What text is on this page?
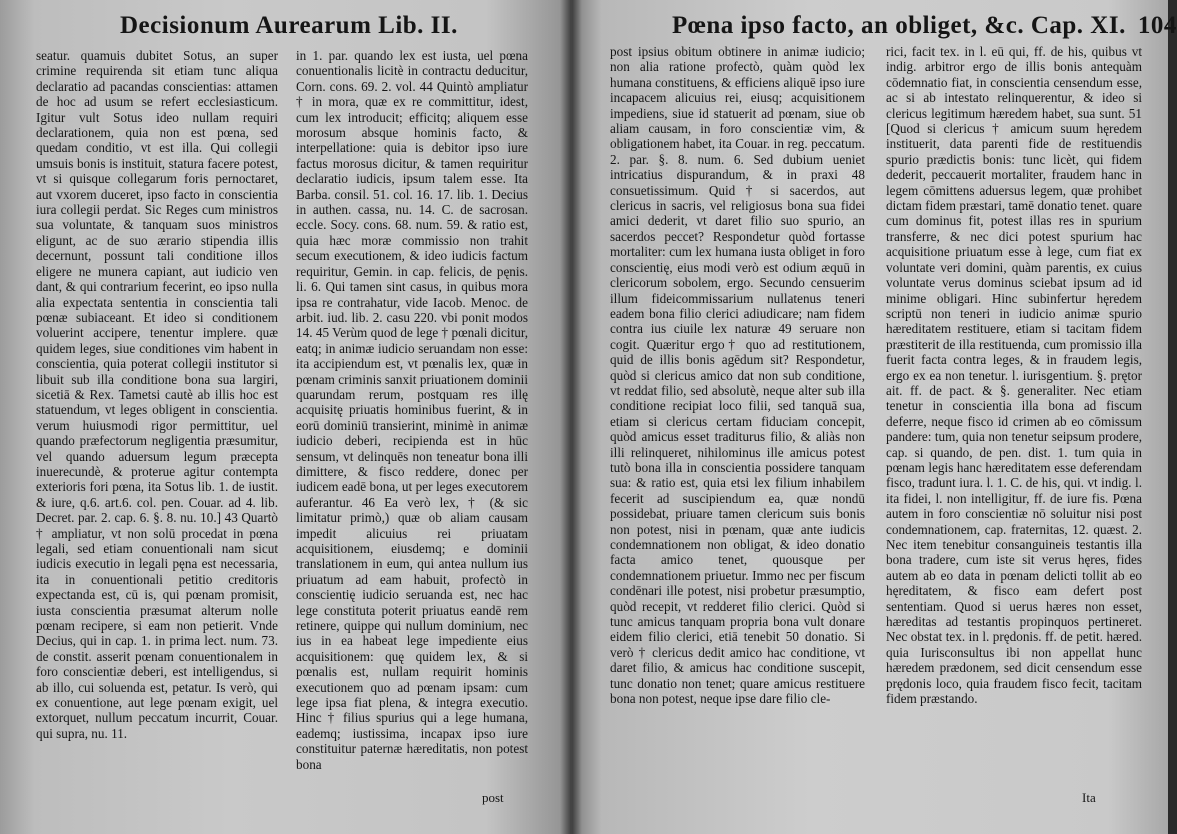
Decisionum Aurearum Lib. II.

seatur. quamuis dubitet Sotus, an super crimine requirenda sit etiam tunc aliqua declaratio ad pacandas conscientias: attamen de hoc ad usum se refert ecclesiasticum. Igitur vult Sotus ideo nullam requiri declarationem, quia non est pœna, sed quedam conditio, vt est illa. Qui collegii umsuis bonis is instituit, statura facere potest, vt si quisque collegarum foris pernoctaret, aut vxorem duceret, ipso facto in conscientia iura collegii perdat. Sic Reges cum ministros sua voluntate, & tanquam suos ministros eligunt, ac de suo ærario stipendia illis decernunt, possunt tali conditione illos eligere ne munera capiant, aut iudicio ven dant, & qui contrarium fecerint, eo ipso nulla alia expectata sententia in conscientia tali pœnæ subiaceant. Et ideo si conditionem voluerint accipere, tenentur implere. quæ quidem leges, siue conditiones vim habent in conscientia, quia poterat collegii institutor si libuit sub illa conditione bona sua largiri, sicetiā & Rex. Tametsi cautè ab illis hoc est statuendum, vt leges obligent in conscientia. verum huiusmodi rigor permittitur, uel quando præfectorum negligentia præsumitur, vel quando aduersum legum præcepta inuerecundè, & proterue agitur contempta exterioris fori pœna, ita Sotus lib. 1. de iustit. & iure, q.6. art.6. col. pen. Couar. ad 4. lib. Decret. par. 2. cap. 6. §. 8. nu. 10.] 43 Quartò † ampliatur, vt non solū procedat in pœna legali, sed etiam conuentionali nam sicut iudicis executio in legali pęna est necessaria, ita in conuentionali petitio creditoris expectanda est, cū is, qui pœnam promisit, iusta conscientia præsumat alterum nolle pœnam recipere, si eam non petierit. Vnde Decius, qui in cap. 1. in prima lect. num. 73. de constit. asserit pœnam conuentionalem in foro conscientiæ deberi, est intelligendus, si ab illo, cui soluenda est, petatur. Is verò, qui ex conuentione, aut lege pœnam exigit, uel extorquet, nullum peccatum incurrit, Couar. qui supra, nu. 11.

in 1. par. quando lex est iusta, uel pœna conuentionalis licitè in contractu deducitur, Corn. cons. 69. 2. vol. 44 Quintò ampliatur † in mora, quæ ex re committitur, idest, cum lex introducit; efficitq; aliquem esse morosum absque hominis facto, & interpellatione: quia is debitor ipso iure factus morosus dicitur, & tamen requiritur declaratio iudicis, ipsum talem esse. Ita Barba. consil. 51. col. 16. 17. lib. 1. Decius in authen. cassa, nu. 14. C. de sacrosan. eccle. Socy. cons. 68. num. 59. & ratio est, quia hæc moræ commissio non trahit secum executionem, & ideo iudicis factum requiritur, Gemin. in cap. felicis, de pęnis. li. 6. Qui tamen sint casus, in quibus mora ipsa re contrahatur, vide Iacob. Menoc. de arbit. iud. lib. 2. casu 220. vbi ponit modos 14. 45 Verùm quod de lege † pœnali dicitur, eatq; in animæ iudicio seruandam non esse: ita accipiendum est, vt pœnalis lex, quæ in pœnam criminis sanxit priuationem dominii quarundam rerum, postquam res illę acquisitę priuatis hominibus fuerint, & in eorū dominiū transierint, minimè in animæ iudicio deberi, recipienda est in hūc sensum, vt delinquēs non teneatur bona illi dimittere, & fisco reddere, donec per iudicem eadē bona, ut per leges executorem auferantur. 46 Ea verò lex, † (& sic limitatur primò,) quæ ob aliam causam impedit alicuius rei priuatam acquisitionem, eiusdemq; e dominii translationem in eum, qui antea nullum ius priuatum ad eam habuit, profectò in conscientię iudicio seruanda est, nec hac lege constituta poterit priuatus eandē rem retinere, quippe qui nullum dominium, nec ius in ea habeat lege impediente eius acquisitionem: quę quidem lex, & si pœnalis est, nullam requirit hominis executionem quo ad pœnam ipsam: cum lege ipsa fiat plena, & integra executio. Hinc † filius spurius qui a lege humana, eademq; iustissima, incapax ipso iure constituitur paternæ hæreditatis, non potest bona

post
Pœna ipso facto, an obliget, &c. Cap. XI. 104

post ipsius obitum obtinere in animæ iudicio; non alia ratione profectò, quàm quòd lex humana constituens, & efficiens aliquē ipso iure incapacem alicuius rei, eiusq; acquisitionem impediens, siue id statuerit ad pœnam, siue ob aliam causam, in foro conscientiæ vim, & obligationem habet, ita Couar. in reg. peccatum. 2. par. §. 8. num. 6. Sed dubium ueniet intricatius dispurandum, & in praxi 48 consuetissimum. Quid † si sacerdos, aut clericus in sacris, vel religiosus bona sua fidei amici dederit, vt daret filio suo spurio, an sacerdos peccet? Respondetur quòd fortasse mortaliter: cum lex humana iusta obliget in foro conscientię, eius modi verò est odium æquū in clericorum sobolem, ergo. Secundo censuerim illum fideicommissarium nullatenus teneri eadem bona filio clerici adiudicare; nam fidem contra ius ciuile lex naturæ 49 seruare non cogit. Quæritur ergo† quo ad restitutionem, quid de illis bonis agēdum sit? Respondetur, quòd si clericus amico dat non sub conditione, vt reddat filio, sed absolutè, neque alter sub illa conditione recipiat loco filii, sed tanquā sua, etiam si clericus certam fiduciam concepit, quòd amicus esset traditurus filio, & aliàs non illi relinqueret, nihilominus ille amicus potest tutò bona illa in conscientia possidere tanquam sua: & ratio est, quia etsi lex filium inhabilem fecerit ad suscipiendum ea, quæ nondū possidebat, priuare tamen clericum suis bonis non potest, nisi in pœnam, quæ ante iudicis condemnationem non obligat, & ideo donatio facta amico tenet, quousque per condemnationem priuetur. Immo nec per fiscum condēnari ille potest, nisi probetur præsumptio, quòd recepit, vt redderet filio clerici. Quòd si tunc amicus tanquam propria bona vult donare eidem filio clerici, etiā tenebit 50 donatio. Si verò † clericus dedit amico hac conditione, vt daret filio, & amicus hac conditione suscepit, tunc donatio non tenet; quare amicus restituere bona non potest, neque ipse dare filio cle-

rici, facit tex. in l. eū qui, ff. de his, quibus vt indig. arbitror ergo de illis bonis antequàm cōdemnatio fiat, in conscientia censendum esse, ac si ab intestato relinquerentur, & ideo si clericus legitimum hæredem habet, sua sunt. 51 [Quod si clericus † amicum suum hęredem instituerit, data parenti fide de restituendis spurio prædictis bonis: tunc licèt, qui fidem dederit, peccauerit mortaliter, fraudem hanc in legem cōmittens aduersus legem, quæ prohibet dictam fidem præstari, tamē donatio tenet. quare cum dominus fit, potest illas res in spurium transferre, & nec dici potest spurium hac acquisitione priuatum esse à lege, cum fiat ex voluntate veri domini, quàm parentis, ex cuius voluntate verus dominus sciebat ipsum ad id minime obligari. Hinc subinfertur hęredem scriptū non teneri in iudicio animæ spurio hæreditatem restituere, etiam si tacitam fidem præstiterit de illa restituenda, cum promissio illa fuerit facta contra leges, & in fraudem legis, ergo ex ea non tenetur. l. iurisgentium. §. prętor ait. ff. de pact. & §. generaliter. Nec etiam tenetur in conscientia illa bona ad fiscum deferre, neque fisco id crimen ab eo cōmissum pandere: tum, quia non tenetur seipsum prodere, cap. si quando, de pen. dist. 1. tum quia in pœnam legis hanc hæreditatem esse deferendam fisco, tradunt iura. l. 1. C. de his, qui. vt indig. l. ita fidei, l. non intelligitur, ff. de iure fis. Pœna autem in foro conscientiæ nō soluitur nisi post condemnationem, cap. fraternitas, 12. quæst. 2. Nec item tenebitur consanguineis testantis illa bona tradere, cum iste sit verus hęres, fides autem ab eo data in pœnam delicti tollit ab eo hęreditatem, & fisco eam defert post sententiam. Quod si uerus hæres non esset, hæreditas ad testantis propinquos pertineret. Nec obstat tex. in l. prędonis. ff. de petit. hæred. quia Iurisconsultus ibi non appellat hunc hæredem prædonem, sed dicit censendum esse prędonis loco, quia fraudem fisco fecit, tacitam fidem præstando.

Ita
